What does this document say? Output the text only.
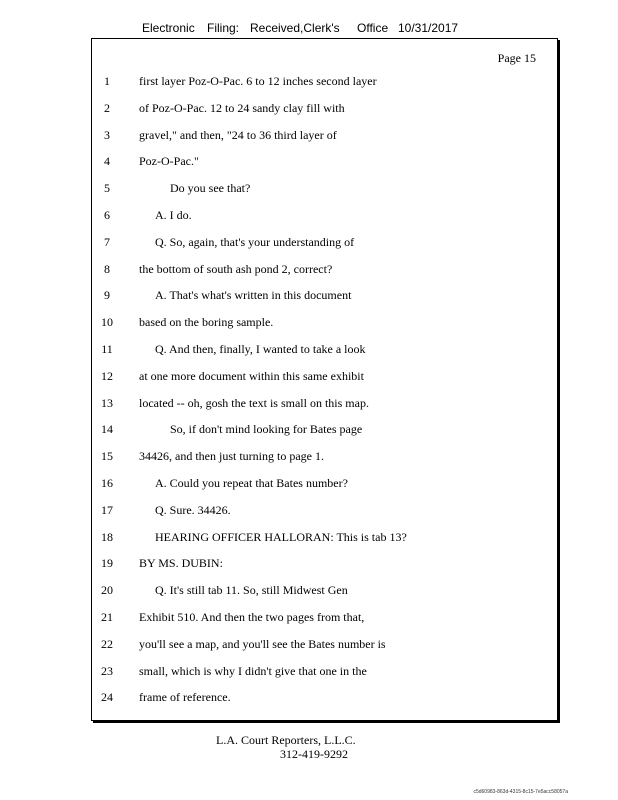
Electronic Filing: Received,Clerk's Office 10/31/2017
Page 15
1	first layer Poz-O-Pac. 6 to 12 inches second layer
2	of Poz-O-Pac. 12 to 24 sandy clay fill with
3	gravel," and then, "24 to 36 third layer of
4	Poz-O-Pac."
5	Do you see that?
6	A. I do.
7	Q. So, again, that's your understanding of
8	the bottom of south ash pond 2, correct?
9	A. That's what's written in this document
10	based on the boring sample.
11	Q. And then, finally, I wanted to take a look
12	at one more document within this same exhibit
13	located -- oh, gosh the text is small on this map.
14	So, if don't mind looking for Bates page
15	34426, and then just turning to page 1.
16	A. Could you repeat that Bates number?
17	Q. Sure. 34426.
18	HEARING OFFICER HALLORAN: This is tab 13?
19	BY MS. DUBIN:
20	Q. It's still tab 11. So, still Midwest Gen
21	Exhibit 510. And then the two pages from that,
22	you'll see a map, and you'll see the Bates number is
23	small, which is why I didn't give that one in the
24	frame of reference.
L.A. Court Reporters, L.L.C.
312-419-9292
c5d60983-863d-4315-8c15-7e5acc58057a
